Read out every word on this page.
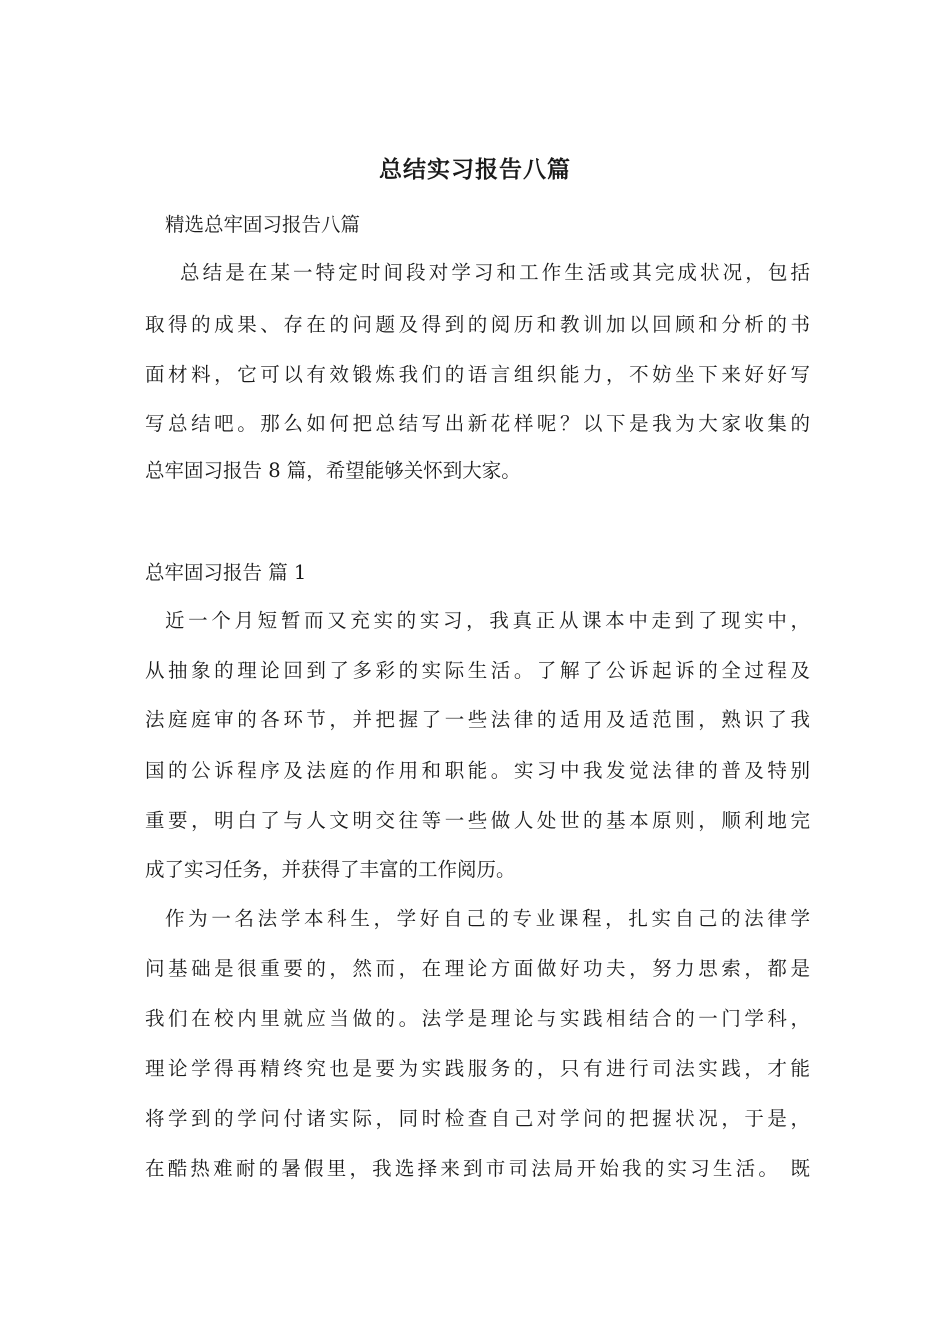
总结实习报告八篇
精选总牢固习报告八篇
总结是在某一特定时间段对学习和工作生活或其完成状况，包括
取得的成果、存在的问题及得到的阅历和教训加以回顾和分析的书
面材料，它可以有效锻炼我们的语言组织能力，不妨坐下来好好写
写总结吧。那么如何把总结写出新花样呢？以下是我为大家收集的
总牢固习报告 8 篇，希望能够关怀到大家。
总牢固习报告 篇 1
近一个月短暂而又充实的实习，我真正从课本中走到了现实中，
从抽象的理论回到了多彩的实际生活。了解了公诉起诉的全过程及
法庭庭审的各环节，并把握了一些法律的适用及适范围，熟识了我
国的公诉程序及法庭的作用和职能。实习中我发觉法律的普及特别
重要，明白了与人文明交往等一些做人处世的基本原则，顺利地完
成了实习任务，并获得了丰富的工作阅历。
作为一名法学本科生，学好自己的专业课程，扎实自己的法律学
问基础是很重要的，然而，在理论方面做好功夫，努力思索，都是
我们在校内里就应当做的。法学是理论与实践相结合的一门学科，
理论学得再精终究也是要为实践服务的，只有进行司法实践，才能
将学到的学问付诸实际，同时检查自己对学问的把握状况，于是，
在酷热难耐的暑假里，我选择来到市司法局开始我的实习生活。 既
